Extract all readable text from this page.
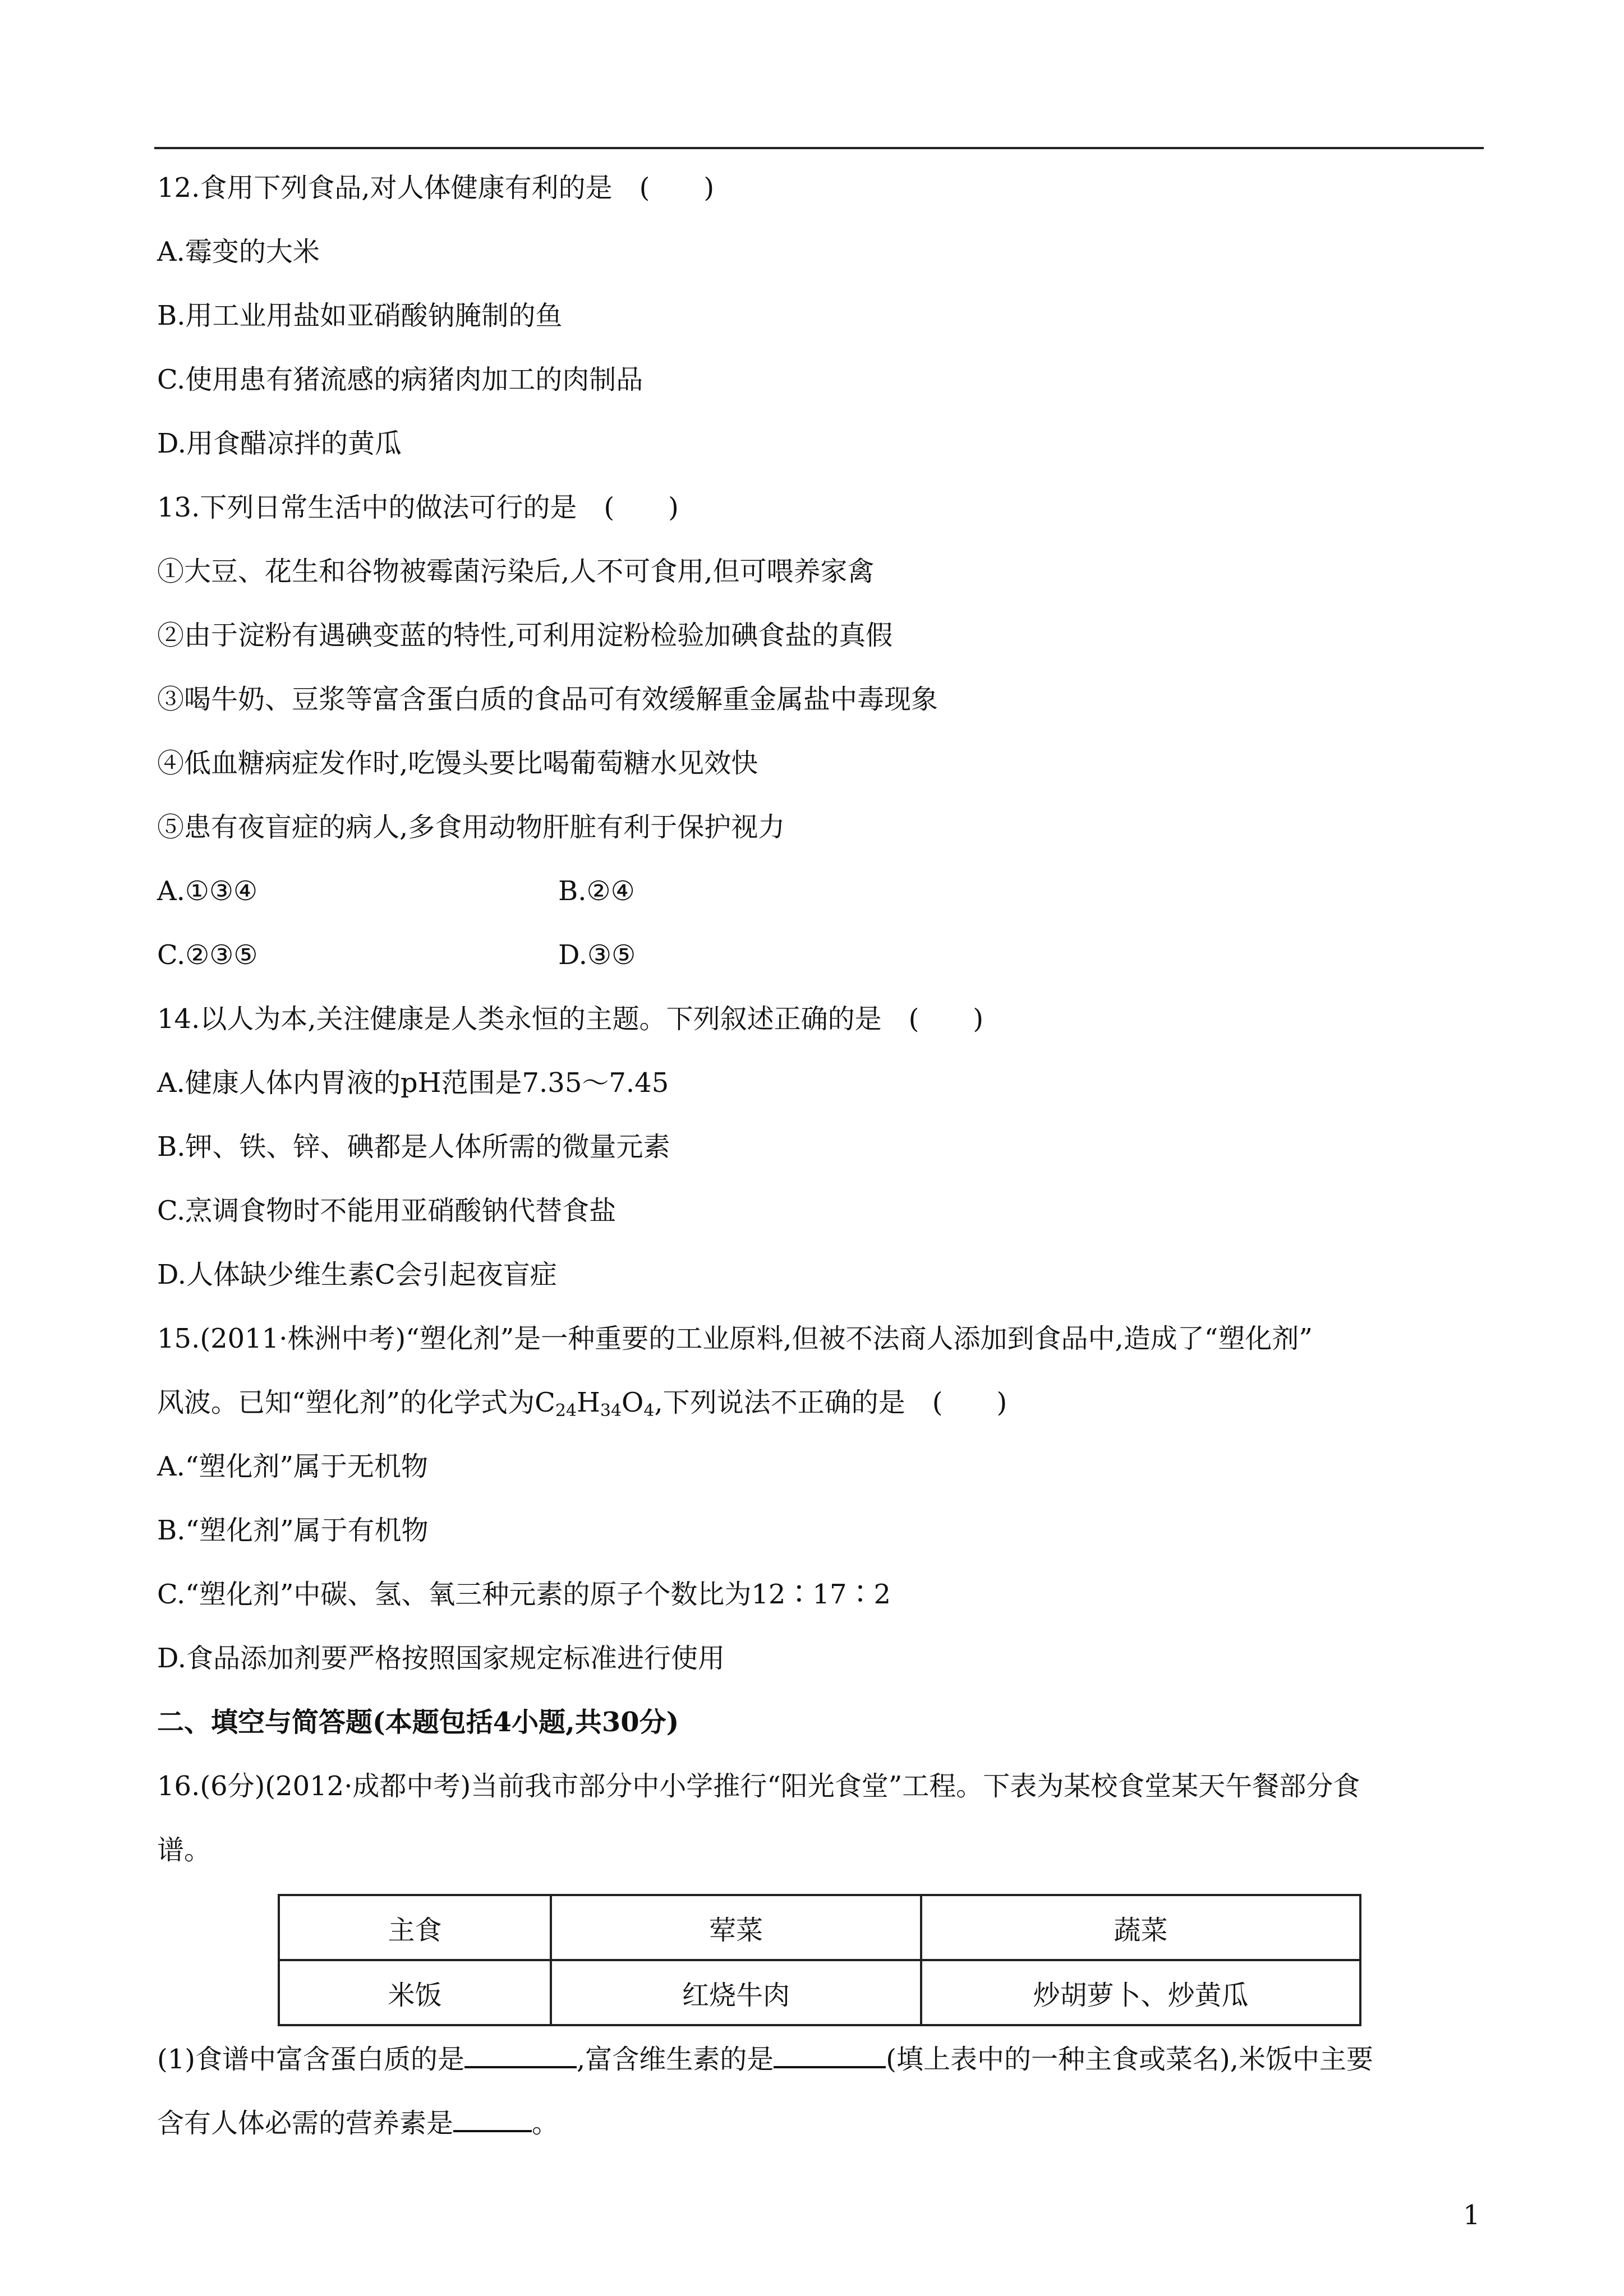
12.食用下列食品,对人体健康有利的是　(　　)
A.霉变的大米
B.用工业用盐如亚硝酸钠腌制的鱼
C.使用患有猪流感的病猪肉加工的肉制品
D.用食醋凉拌的黄瓜
13.下列日常生活中的做法可行的是　(　　)
①大豆、花生和谷物被霉菌污染后,人不可食用,但可喂养家禽
②由于淀粉有遇碘变蓝的特性,可利用淀粉检验加碘食盐的真假
③喝牛奶、豆浆等富含蛋白质的食品可有效缓解重金属盐中毒现象
④低血糖病症发作时,吃馒头要比喝葡萄糖水见效快
⑤患有夜盲症的病人,多食用动物肝脏有利于保护视力
A.①③④	B.②④
C.②③⑤	D.③⑤
14.以人为本,关注健康是人类永恒的主题。下列叙述正确的是　(　　)
A.健康人体内胃液的pH范围是7.35～7.45
B.钾、铁、锌、碘都是人体所需的微量元素
C.烹调食物时不能用亚硝酸钠代替食盐
D.人体缺少维生素C会引起夜盲症
15.(2011·株洲中考)“塑化剂”是一种重要的工业原料,但被不法商人添加到食品中,造成了“塑化剂”
风波。已知“塑化剂”的化学式为$C_{24}H_{34}O_4$,下列说法不正确的是　(　　)
A.“塑化剂”属于无机物
B.“塑化剂”属于有机物
C.“塑化剂”中碳、氢、氧三种元素的原子个数比为12∶17∶2
D.食品添加剂要严格按照国家规定标准进行使用
二、填空与简答题(本题包括4小题,共30分)
16.(6分)(2012·成都中考)当前我市部分中小学推行“阳光食堂”工程。下表为某校食堂某天午餐部分食
谱。
主食	荤菜	蔬菜
米饭	红烧牛肉	炒胡萝卜、炒黄瓜
(1)食谱中富含蛋白质的是	,富含维生素的是	(填上表中的一种主食或菜名),米饭中主要
含有人体必需的营养素是	。
1
